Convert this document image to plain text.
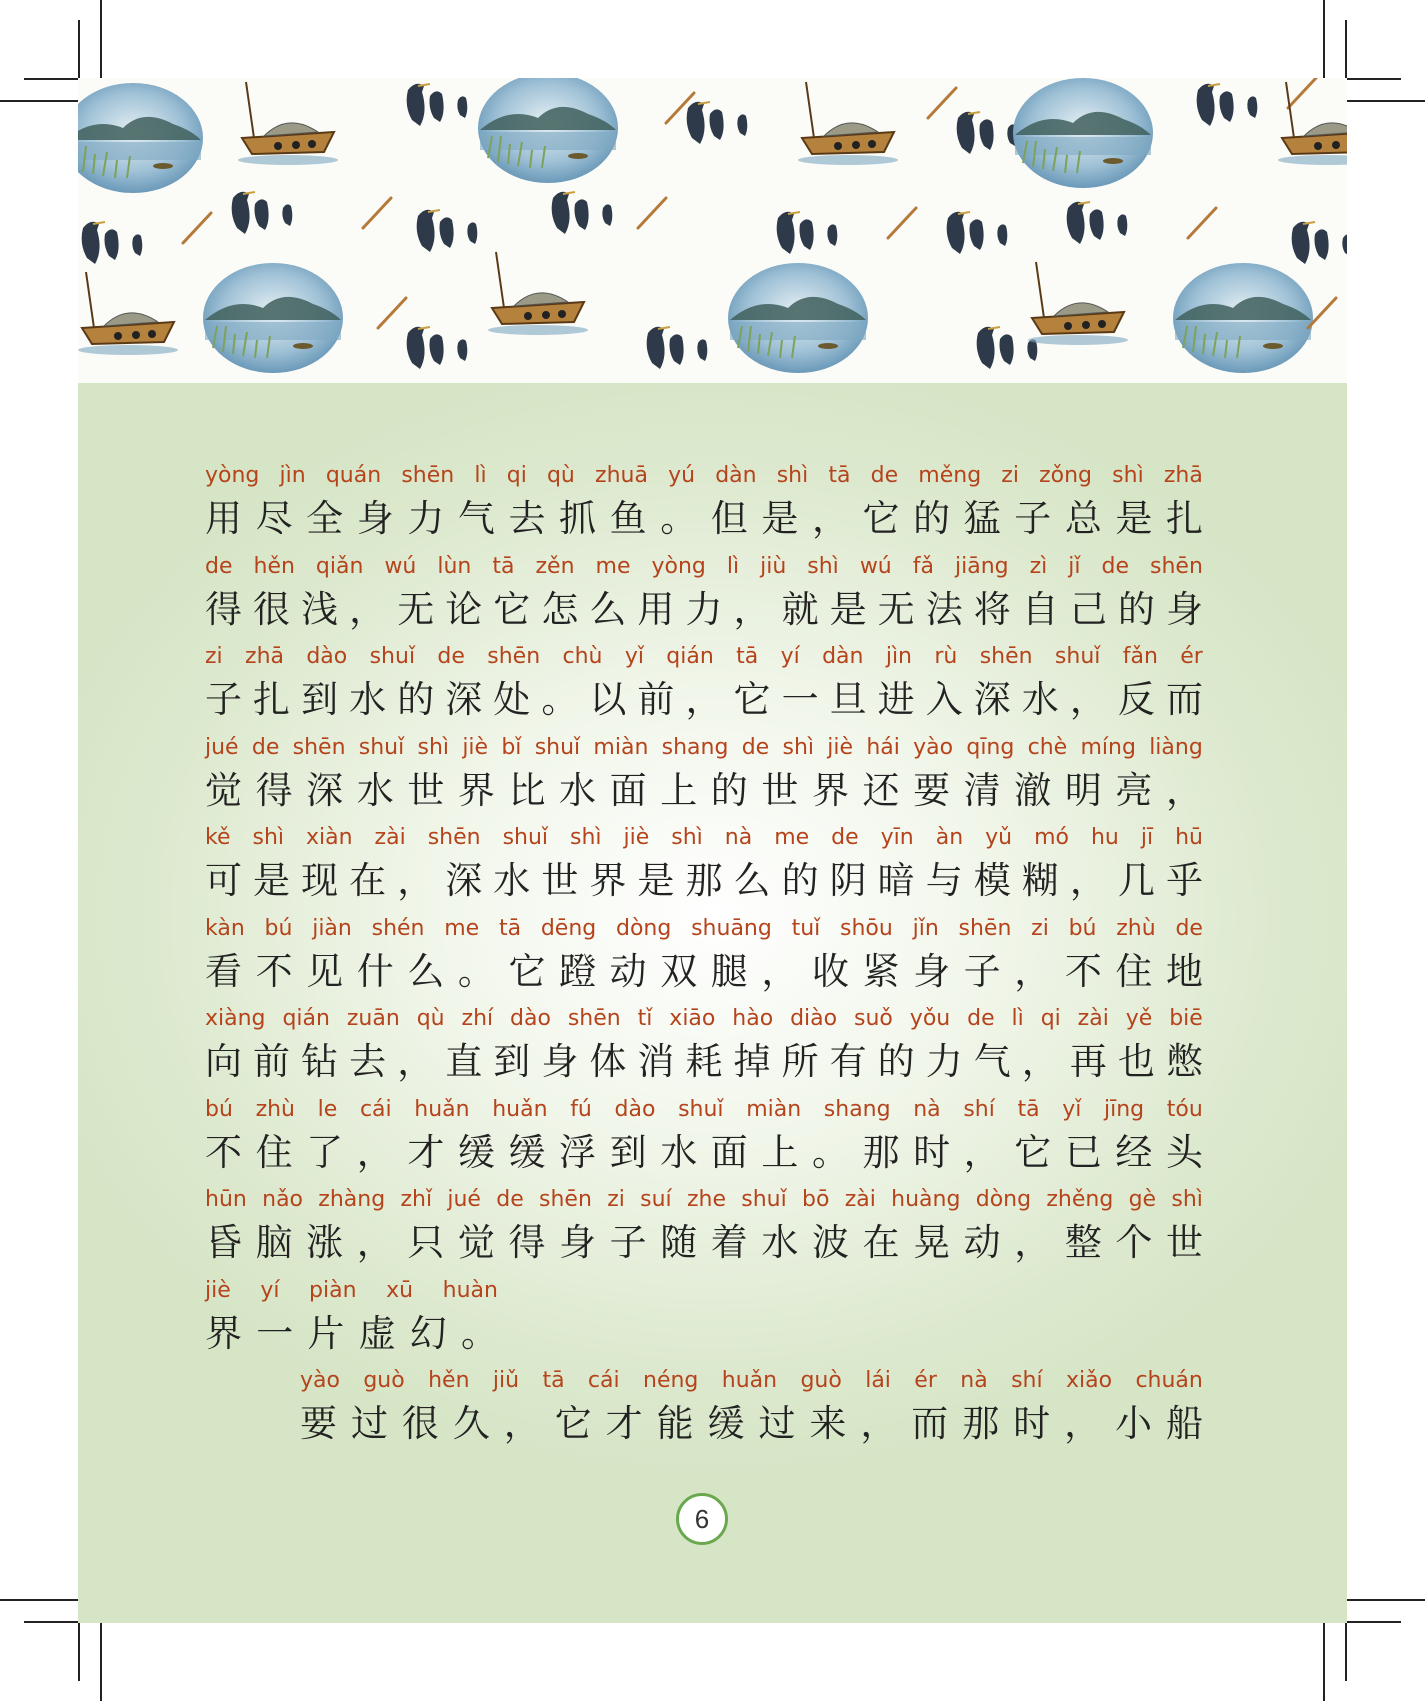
yòng jìn quán shēn lì qi qù zhuā yú dàn shì tā de měng zi zǒng shì zhā
用 尽 全 身 力 气 去 抓 鱼 。 但 是 ， 它 的 猛 子 总 是 扎
de hěn qiǎn wú lùn tā zěn me yòng lì jiù shì wú fǎ jiāng zì jǐ de shēn
得 很 浅 ， 无 论 它 怎 么 用 力 ， 就 是 无 法 将 自 己 的 身
zi zhā dào shuǐ de shēn chù yǐ qián tā yí dàn jìn rù shēn shuǐ fǎn ér
子 扎 到 水 的 深 处 。 以 前 ， 它 一 旦 进 入 深 水 ， 反 而
jué de shēn shuǐ shì jiè bǐ shuǐ miàn shang de shì jiè hái yào qīng chè míng liàng
觉 得 深 水 世 界 比 水 面 上 的 世 界 还 要 清 澈 明 亮 ，
kě shì xiàn zài shēn shuǐ shì jiè shì nà me de yīn àn yǔ mó hu jī hū
可 是 现 在 ， 深 水 世 界 是 那 么 的 阴 暗 与 模 糊 ， 几 乎
kàn bú jiàn shén me tā dēng dòng shuāng tuǐ shōu jǐn shēn zi bú zhù de
看 不 见 什 么 。 它 蹬 动 双 腿 ， 收 紧 身 子 ， 不 住 地
xiàng qián zuān qù zhí dào shēn tǐ xiāo hào diào suǒ yǒu de lì qi zài yě biē
向 前 钻 去 ， 直 到 身 体 消 耗 掉 所 有 的 力 气 ， 再 也 憋
bú zhù le cái huǎn huǎn fú dào shuǐ miàn shang nà shí tā yǐ jīng tóu
不 住 了 ， 才 缓 缓 浮 到 水 面 上 。 那 时 ， 它 已 经 头
hūn nǎo zhàng zhǐ jué de shēn zi suí zhe shuǐ bō zài huàng dòng zhěng gè shì
昏 脑 涨 ， 只 觉 得 身 子 随 着 水 波 在 晃 动 ， 整 个 世
jiè yí piàn xū huàn
界 一 片 虚 幻 。
yào guò hěn jiǔ tā cái néng huǎn guò lái ér nà shí xiǎo chuán
要 过 很 久 ， 它 才 能 缓 过 来 ， 而 那 时 ， 小 船
6
